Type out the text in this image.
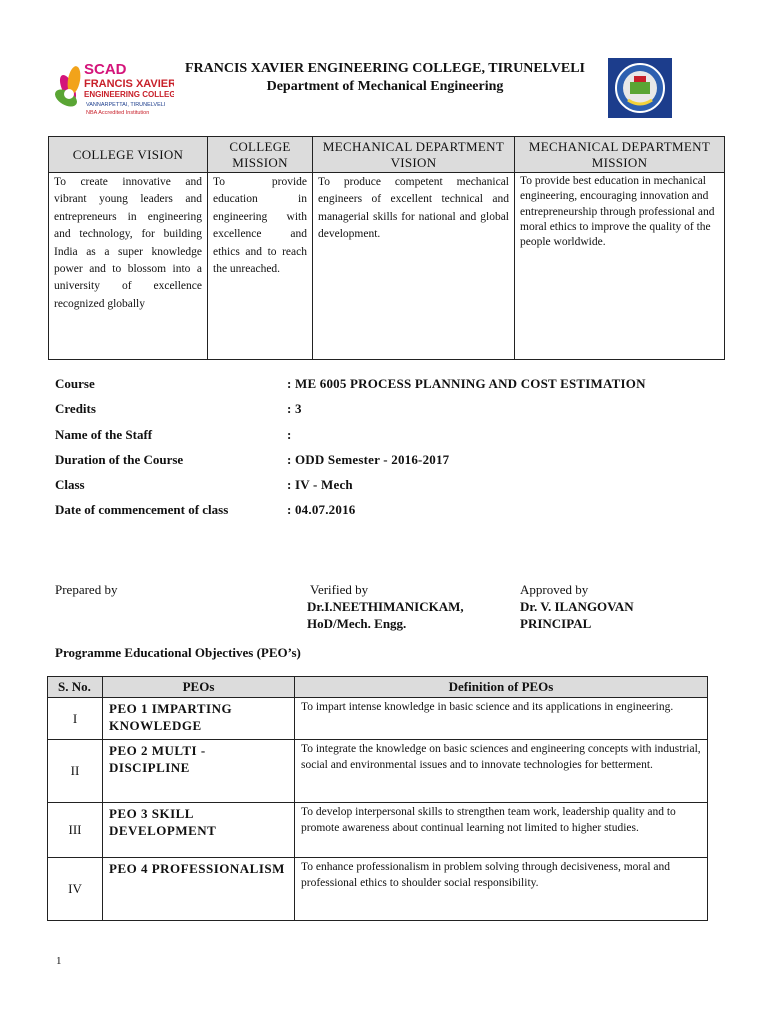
SCAD
FRANCIS XAVIER
ENGINEERING COLLEGE
VANNARPETTAI, TIRUNELVELI
NBA Accredited Institution
FRANCIS XAVIER ENGINEERING COLLEGE, TIRUNELVELI
Department of Mechanical Engineering
COLLEGE VISION	COLLEGE MISSION	MECHANICAL DEPARTMENT VISION	MECHANICAL DEPARTMENT MISSION
To create innovative and vibrant young leaders and entrepreneurs in engineering and technology, for building India as a super knowledge power and to blossom into a university of excellence recognized globally	To provide education in engineering with excellence and ethics and to reach the unreached.	To produce competent mechanical engineers of excellent technical and managerial skills for national and global development.	To provide best education in mechanical engineering, encouraging innovation and entrepreneurship through professional and moral ethics to improve the quality of the people worldwide.
Course	: ME 6005 PROCESS PLANNING AND COST ESTIMATION
Credits	: 3
Name of the Staff	:
Duration of the Course	: ODD Semester - 2016-2017
Class	: IV - Mech
Date of commencement of class	: 04.07.2016
Prepared by	Verified by
Dr.I.NEETHIMANICKAM,
HoD/Mech. Engg.
Approved by
Dr. V. ILANGOVAN
PRINCIPAL
Programme Educational Objectives (PEO’s)
S. No.	PEOs	Definition of PEOs
I	PEO 1 IMPARTING KNOWLEDGE	To impart intense knowledge in basic science and its applications in engineering.
II	PEO 2 MULTI - DISCIPLINE	To integrate the knowledge on basic sciences and engineering concepts with industrial, social and environmental issues and to innovate technologies for betterment.
III	PEO 3 SKILL DEVELOPMENT	To develop interpersonal skills to strengthen team work, leadership quality and to promote awareness about continual learning not limited to higher studies.
IV	PEO 4 PROFESSIONALISM	To enhance professionalism in problem solving through decisiveness, moral and professional ethics to shoulder social responsibility.
1
